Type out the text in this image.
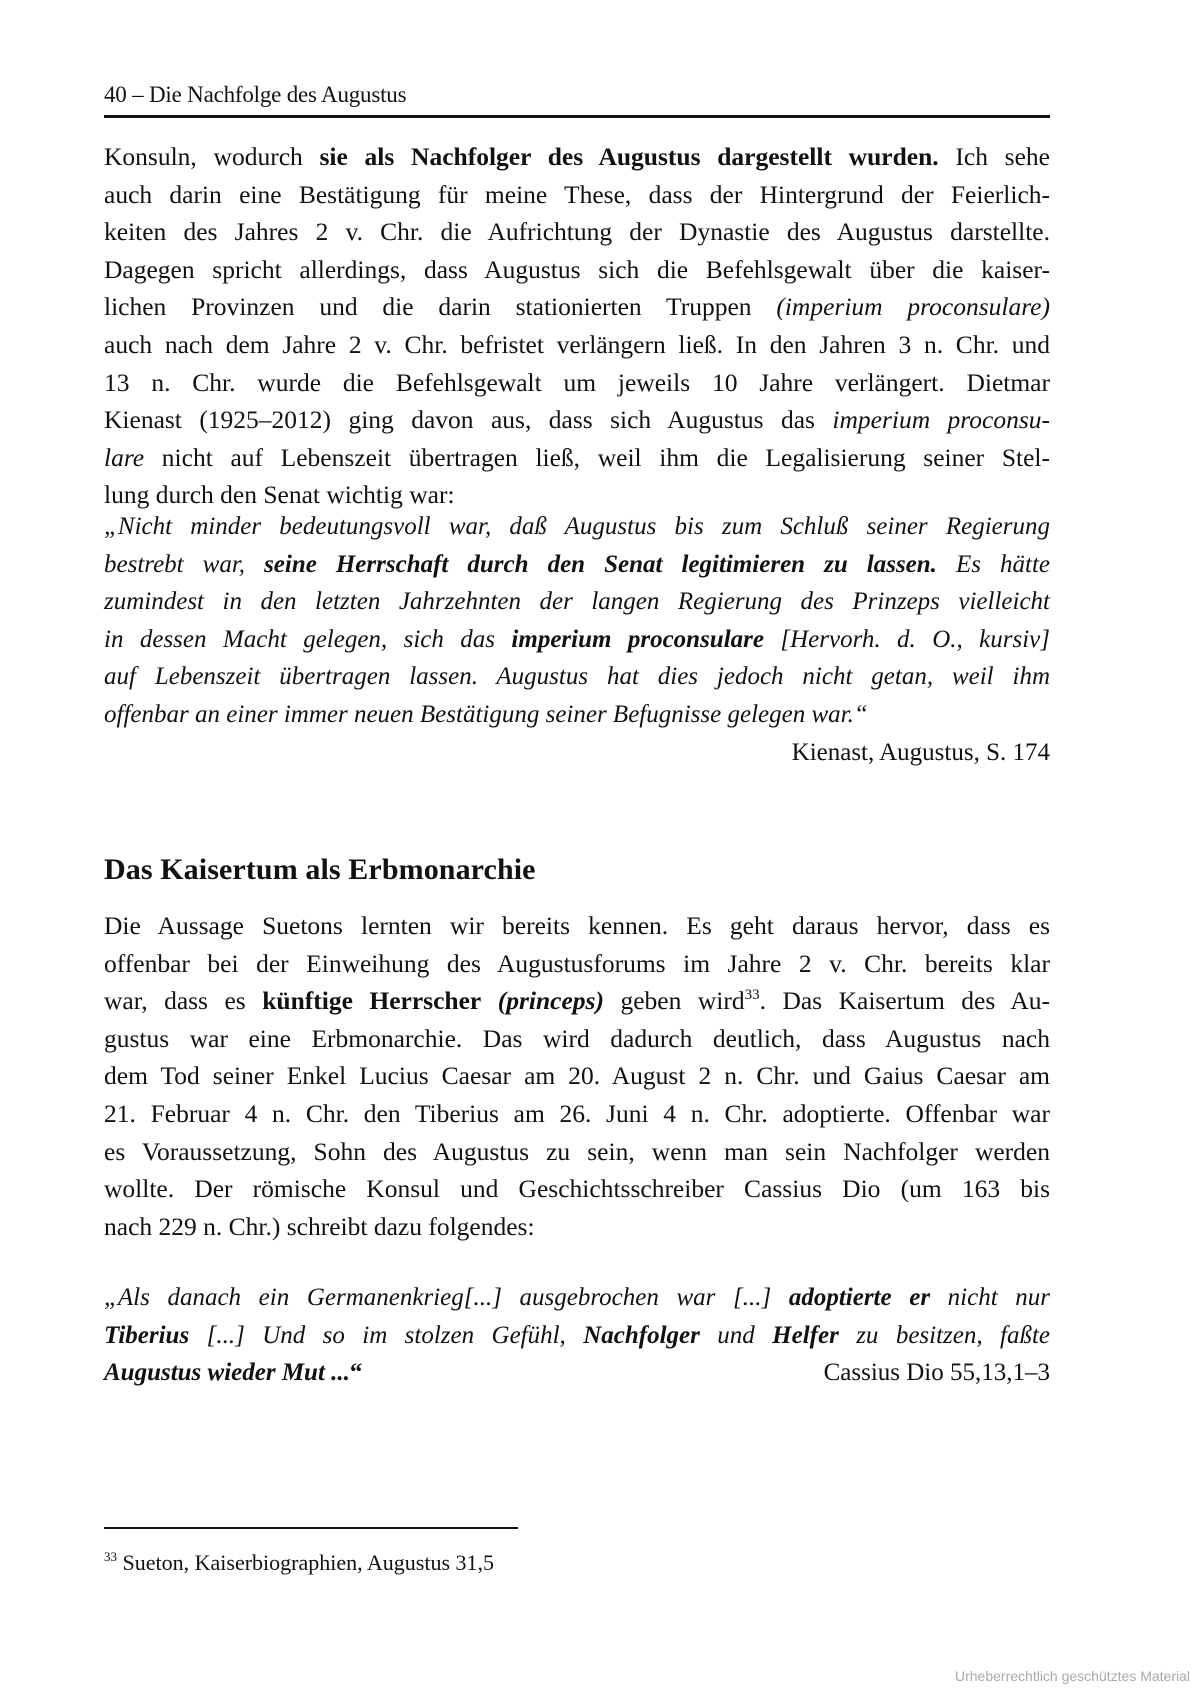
40 – Die Nachfolge des Augustus
Konsuln, wodurch sie als Nachfolger des Augustus dargestellt wurden. Ich sehe
auch darin eine Bestätigung für meine These, dass der Hintergrund der Feierlich-
keiten des Jahres 2 v. Chr. die Aufrichtung der Dynastie des Augustus darstellte.
Dagegen spricht allerdings, dass Augustus sich die Befehlsgewalt über die kaiser-
lichen Provinzen und die darin stationierten Truppen (imperium proconsulare)
auch nach dem Jahre 2 v. Chr. befristet verlängern ließ. In den Jahren 3 n. Chr. und
13 n. Chr. wurde die Befehlsgewalt um jeweils 10 Jahre verlängert. Dietmar
Kienast (1925–2012) ging davon aus, dass sich Augustus das imperium proconsu-
lare nicht auf Lebenszeit übertragen ließ, weil ihm die Legalisierung seiner Stel-
lung durch den Senat wichtig war:
„Nicht minder bedeutungsvoll war, daß Augustus bis zum Schluß seiner Regierung
bestrebt war, seine Herrschaft durch den Senat legitimieren zu lassen. Es hätte
zumindest in den letzten Jahrzehnten der langen Regierung des Prinzeps vielleicht
in dessen Macht gelegen, sich das imperium proconsulare [Hervorh. d. O., kursiv]
auf Lebenszeit übertragen lassen. Augustus hat dies jedoch nicht getan, weil ihm
offenbar an einer immer neuen Bestätigung seiner Befugnisse gelegen war.“
Kienast, Augustus, S. 174
Das Kaisertum als Erbmonarchie
Die Aussage Suetons lernten wir bereits kennen. Es geht daraus hervor, dass es
offenbar bei der Einweihung des Augustusforums im Jahre 2 v. Chr. bereits klar
war, dass es künftige Herrscher (princeps) geben wird$^{33}$. Das Kaisertum des Au-
gustus war eine Erbmonarchie. Das wird dadurch deutlich, dass Augustus nach
dem Tod seiner Enkel Lucius Caesar am 20. August 2 n. Chr. und Gaius Caesar am
21. Februar 4 n. Chr. den Tiberius am 26. Juni 4 n. Chr. adoptierte. Offenbar war
es Voraussetzung, Sohn des Augustus zu sein, wenn man sein Nachfolger werden
wollte. Der römische Konsul und Geschichtsschreiber Cassius Dio (um 163 bis
nach 229 n. Chr.) schreibt dazu folgendes:
„Als danach ein Germanenkrieg[...] ausgebrochen war [...] adoptierte er nicht nur
Tiberius [...] Und so im stolzen Gefühl, Nachfolger und Helfer zu besitzen, faßte
Augustus wieder Mut ...“	Cassius Dio 55,13,1–3
$^{33}$ Sueton, Kaiserbiographien, Augustus 31,5
Urheberrechtlich geschütztes Material
